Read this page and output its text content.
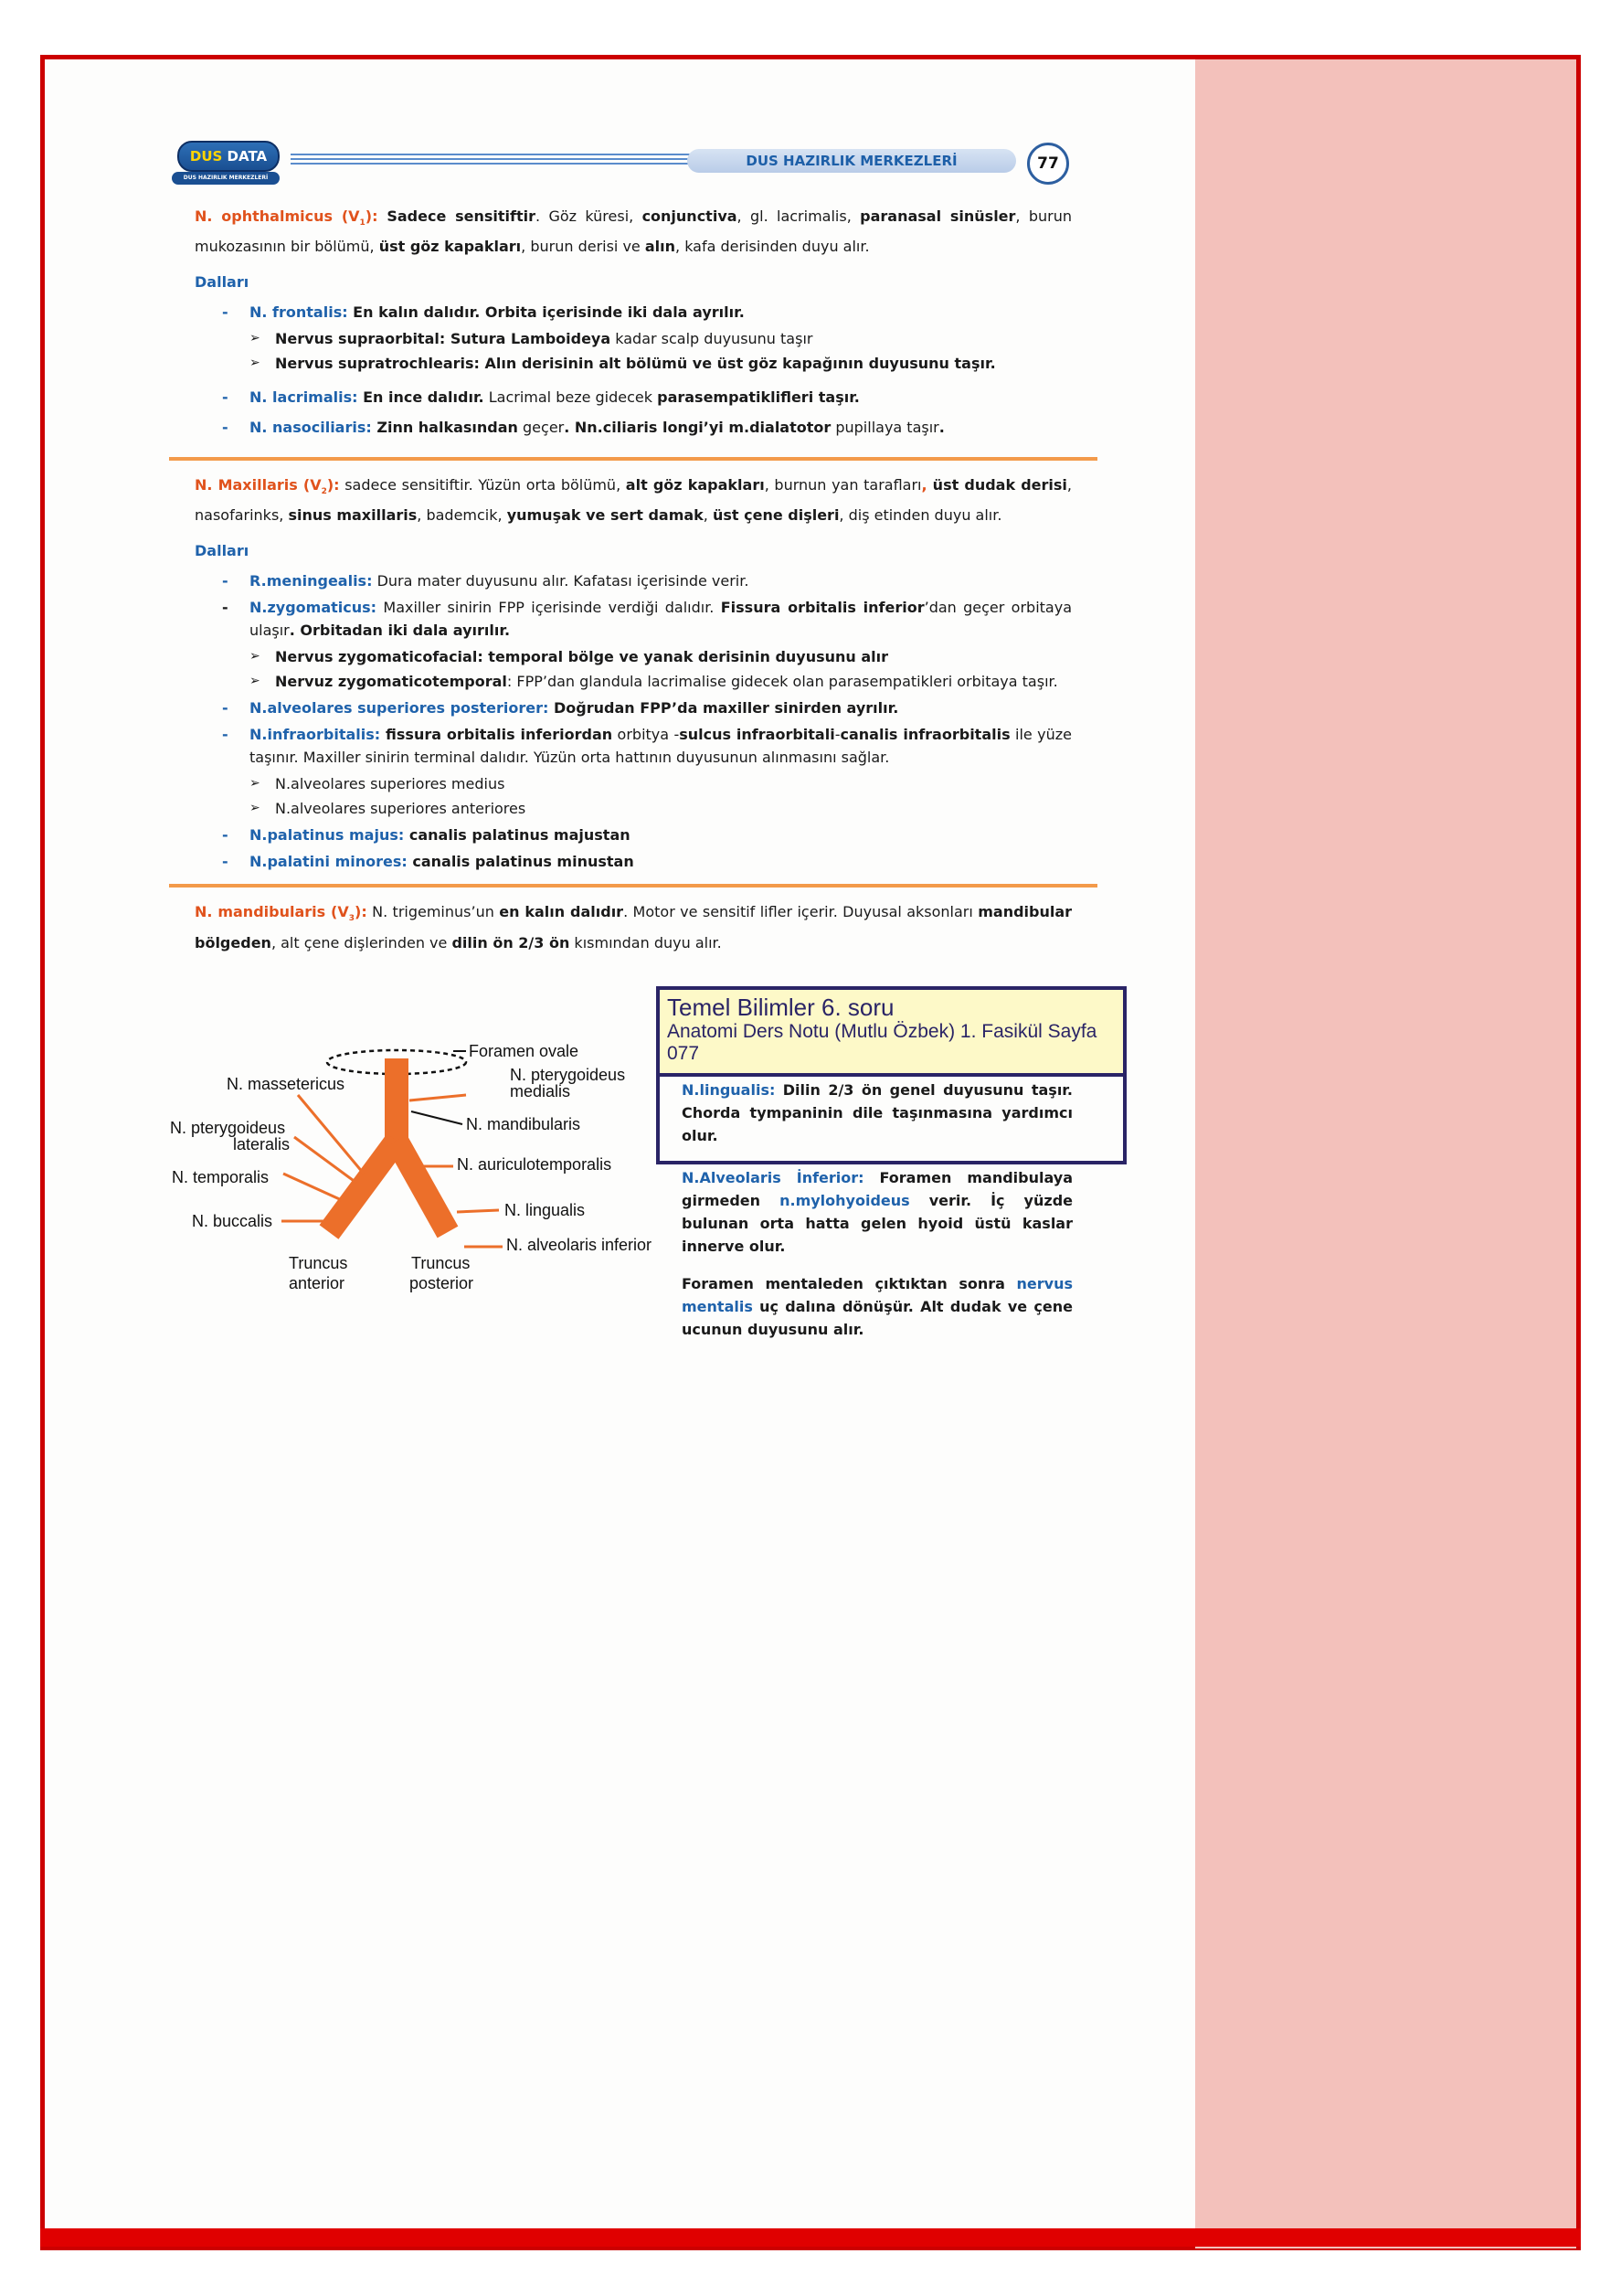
DUS DATA
DUS HAZIRLIK MERKEZLERİ
DUS HAZIRLIK MERKEZLERİ	77

N. ophthalmicus $(V_1)$: Sadece sensitiftir. Göz küresi, conjunctiva, gl. lacrimalis, paranasal sinüsler, burun mukozasının bir bölümü, üst göz kapakları, burun derisi ve alın, kafa derisinden duyu alır.

Dalları

- N. frontalis: En kalın dalıdır. Orbita içerisinde iki dala ayrılır.

➢ Nervus supraorbital: Sutura Lamboideya kadar scalp duyusunu taşır

➢ Nervus supratrochlearis: Alın derisinin alt bölümü ve üst göz kapağının duyusunu taşır.

- N. lacrimalis: En ince dalıdır. Lacrimal beze gidecek parasempatiklifleri taşır.

- N. nasociliaris: Zinn halkasından geçer. Nn.ciliaris longi’yi m.dialatotor pupillaya taşır.

N. Maxillaris $(V_2)$: sadece sensitiftir. Yüzün orta bölümü, alt göz kapakları, burnun yan tarafları, üst dudak derisi, nasofarinks, sinus maxillaris, bademcik, yumuşak ve sert damak, üst çene dişleri, diş etinden duyu alır.

Dalları

- R.meningealis: Dura mater duyusunu alır. Kafatası içerisinde verir.

- N.zygomaticus: Maxiller sinirin FPP içerisinde verdiği dalıdır. Fissura orbitalis inferior’dan geçer orbitaya ulaşır. Orbitadan iki dala ayırılır.

➢ Nervus zygomaticofacial: temporal bölge ve yanak derisinin duyusunu alır

➢ Nervuz zygomaticotemporal: FPP’dan glandula lacrimalise gidecek olan parasempatikleri orbitaya taşır.

- N.alveolares superiores posteriorer: Doğrudan FPP’da maxiller sinirden ayrılır.

- N.infraorbitalis: fissura orbitalis inferiordan orbitya -sulcus infraorbitali-canalis infraorbitalis ile yüze taşınır. Maxiller sinirin terminal dalıdır. Yüzün orta hattının duyusunun alınmasını sağlar.

➢ N.alveolares superiores medius

➢ N.alveolares superiores anteriores

- N.palatinus majus: canalis palatinus majustan

- N.palatini minores: canalis palatinus minustan

N. mandibularis $(V_3)$: N. trigeminus’un en kalın dalıdır. Motor ve sensitif lifler içerir. Duyusal aksonları mandibular bölgeden, alt çene dişlerinden ve dilin ön 2/3 ön kısmından duyu alır.

Foramen ovale
N. massetericus	N. pterygoideus
medialis
N. mandibularis
N. pterygoideus
lateralis
N. auriculotemporalis
N. temporalis
N. lingualis
N. buccalis
N. alveolaris inferior
Truncus
anterior
Truncus
posterior
Temel Bilimler 6. soru
Anatomi Ders Notu (Mutlu Özbek) 1. Fasikül Sayfa 077

N.lingualis: Dilin 2/3 ön genel duyusunu taşır. Chorda tympaninin dile taşınmasına yardımcı olur.

N.Alveolaris İnferior: Foramen mandibulaya girmeden n.mylohyoideus verir. İç yüzde bulunan orta hatta gelen hyoid üstü kaslar innerve olur.

Foramen mentaleden çıktıktan sonra nervus mentalis uç dalına dönüşür. Alt dudak ve çene ucunun duyusunu alır.
